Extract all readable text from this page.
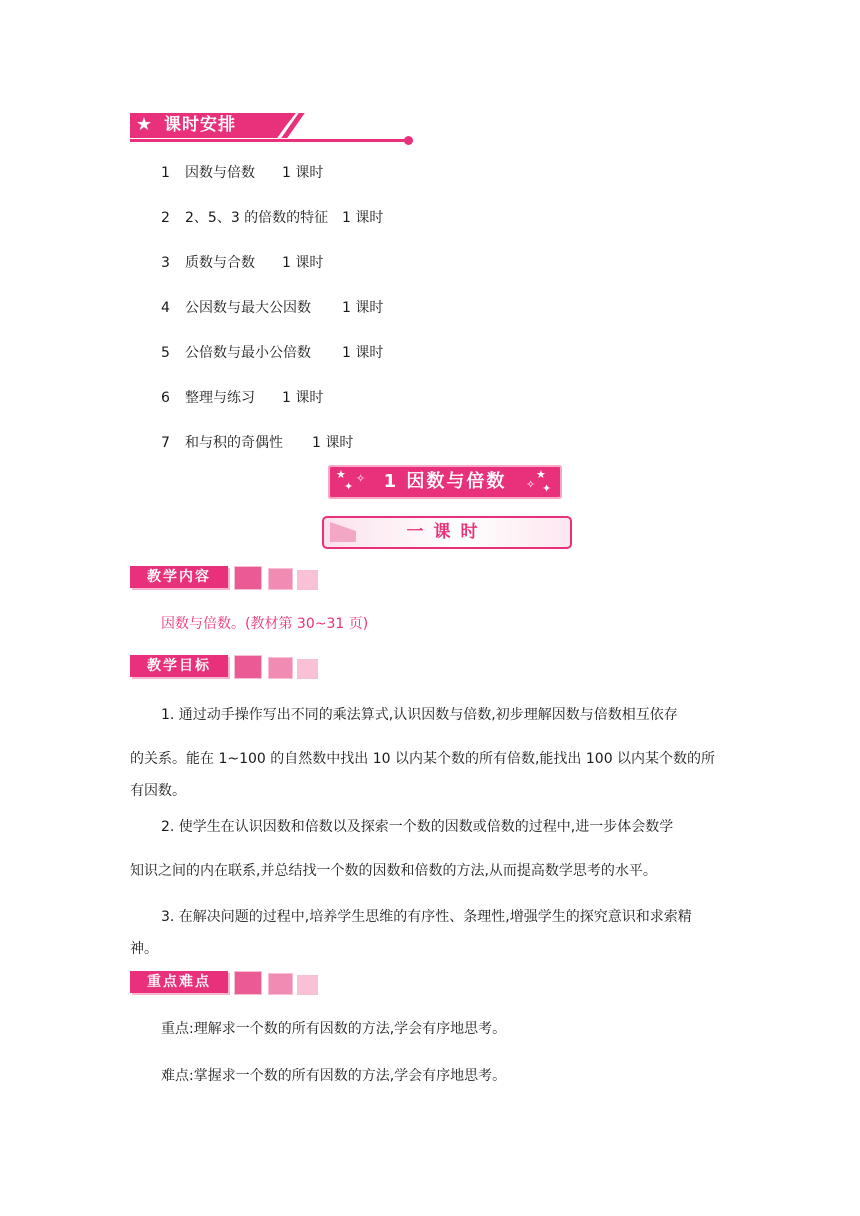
★ 课时安排
1 因数与倍数 1 课时
2 2、5、3 的倍数的特征 1 课时
3 质数与合数 1 课时
4 公因数与最大公因数 1 课时
5 公倍数与最小公倍数 1 课时
6 整理与练习 1 课时
7 和与积的奇偶性 1 课时
★
✦
✧	★
✦
✧
1 因数与倍数
一课时
教学内容
因数与倍数。(教材第 30~31 页)
教学目标
1. 通过动手操作写出不同的乘法算式,认识因数与倍数,初步理解因数与倍数相互依存
的关系。能在 1~100 的自然数中找出 10 以内某个数的所有倍数,能找出 100 以内某个数的所
有因数。
2. 使学生在认识因数和倍数以及探索一个数的因数或倍数的过程中,进一步体会数学
知识之间的内在联系,并总结找一个数的因数和倍数的方法,从而提高数学思考的水平。
3. 在解决问题的过程中,培养学生思维的有序性、条理性,增强学生的探究意识和求索精
神。
重点难点
重点:理解求一个数的所有因数的方法,学会有序地思考。
难点:掌握求一个数的所有因数的方法,学会有序地思考。
